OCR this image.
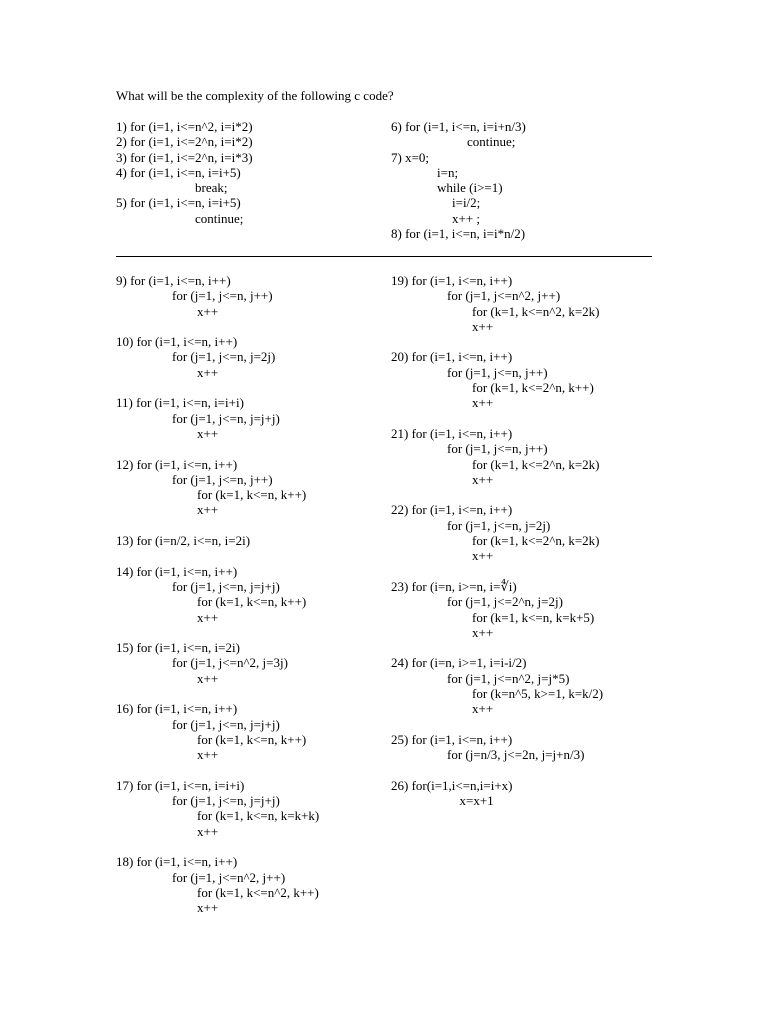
What will be the complexity of the following c code?
1) for (i=1, i<=n^2, i=i*2)
2) for (i=1, i<=2^n, i=i*2)
3) for (i=1, i<=2^n, i=i*3)
4) for (i=1, i<=n, i=i+5)
break;
5) for (i=1, i<=n, i=i+5)
continue;
6) for (i=1, i<=n, i=i+n/3)
continue;
7) x=0;
i=n;
while (i>=1)
i=i/2;
x++ ;
8) for (i=1, i<=n, i=i*n/2)
9) for (i=1, i<=n, i++)
for (j=1, j<=n, j++)
x++
10) for (i=1, i<=n, i++)
for (j=1, j<=n, j=2j)
x++
11) for (i=1, i<=n, i=i+i)
for (j=1, j<=n, j=j+j)
x++
12) for (i=1, i<=n, i++)
for (j=1, j<=n, j++)
for (k=1, k<=n, k++)
x++
13) for (i=n/2, i<=n, i=2i)
14) for (i=1, i<=n, i++)
for (j=1, j<=n, j=j+j)
for (k=1, k<=n, k++)
x++
15) for (i=1, i<=n, i=2i)
for (j=1, j<=n^2, j=3j)
x++
16) for (i=1, i<=n, i++)
for (j=1, j<=n, j=j+j)
for (k=1, k<=n, k++)
x++
17) for (i=1, i<=n, i=i+i)
for (j=1, j<=n, j=j+j)
for (k=1, k<=n, k=k+k)
x++
18) for (i=1, i<=n, i++)
for (j=1, j<=n^2, j++)
for (k=1, k<=n^2, k++)
x++
19) for (i=1, i<=n, i++)
for (j=1, j<=n^2, j++)
for (k=1, k<=n^2, k=2k)
x++
20) for (i=1, i<=n, i++)
for (j=1, j<=n, j++)
for (k=1, k<=2^n, k++)
x++
21) for (i=1, i<=n, i++)
for (j=1, j<=n, j++)
for (k=1, k<=2^n, k=2k)
x++
22) for (i=1, i<=n, i++)
for (j=1, j<=n, j=2j)
for (k=1, k<=2^n, k=2k)
x++
23) for (i=n, i>=n, i=∜i)
for (j=1, j<=2^n, j=2j)
for (k=1, k<=n, k=k+5)
x++
24) for (i=n, i>=1, i=i-i/2)
for (j=1, j<=n^2, j=j*5)
for (k=n^5, k>=1, k=k/2)
x++
25) for (i=1, i<=n, i++)
for (j=n/3, j<=2n, j=j+n/3)
26) for(i=1,i<=n,i=i+x)
x=x+1
